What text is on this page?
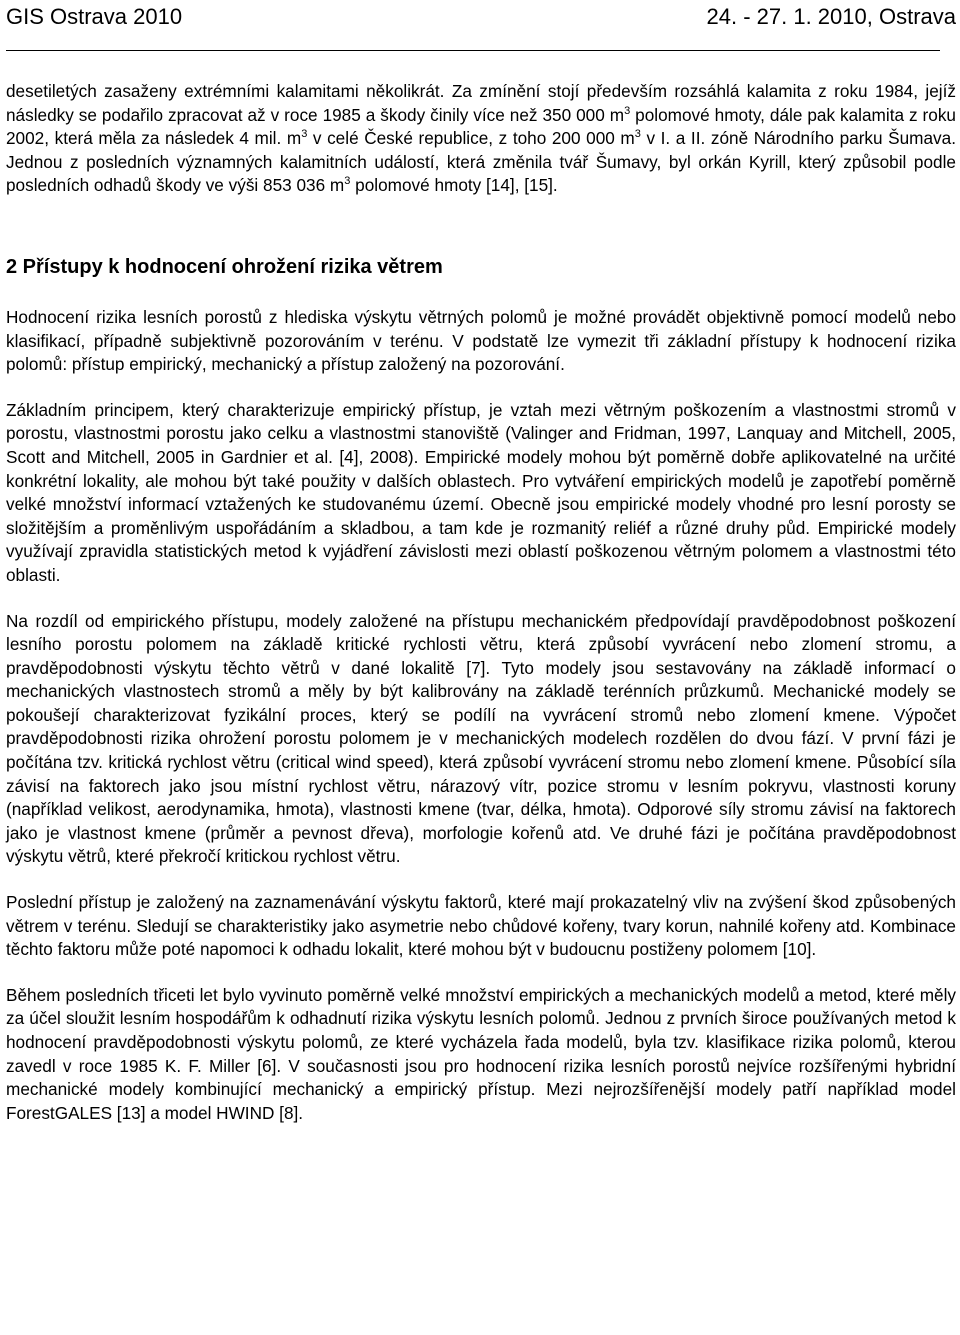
GIS Ostrava 2010	24. - 27. 1. 2010, Ostrava

desetiletých zasaženy extrémními kalamitami několikrát. Za zmínění stojí především rozsáhlá kalamita z roku 1984, jejíž následky se podařilo zpracovat až v roce 1985 a škody činily více než 350 000 $m^3$ polomové hmoty, dále pak kalamita z roku 2002, která měla za následek 4 mil. $m^3$ v celé České republice, z toho 200 000 $m^3$ v I. a II. zóně Národního parku Šumava. Jednou z posledních významných kalamitních událostí, která změnila tvář Šumavy, byl orkán Kyrill, který způsobil podle posledních odhadů škody ve výši 853 036 $m^3$ polomové hmoty [14], [15].

2 Přístupy k hodnocení ohrožení rizika větrem

Hodnocení rizika lesních porostů z hlediska výskytu větrných polomů je možné provádět objektivně pomocí modelů nebo klasifikací, případně subjektivně pozorováním v terénu. V podstatě lze vymezit tři základní přístupy k hodnocení rizika polomů: přístup empirický, mechanický a přístup založený na pozorování.

Základním principem, který charakterizuje empirický přístup, je vztah mezi větrným poškozením a vlastnostmi stromů v porostu, vlastnostmi porostu jako celku a vlastnostmi stanoviště (Valinger and Fridman, 1997, Lanquay and Mitchell, 2005, Scott and Mitchell, 2005 in Gardnier et al. [4], 2008). Empirické modely mohou být poměrně dobře aplikovatelné na určité konkrétní lokality, ale mohou být také použity v dalších oblastech. Pro vytváření empirických modelů je zapotřebí poměrně velké množství informací vztažených ke studovanému území. Obecně jsou empirické modely vhodné pro lesní porosty se složitějším a proměnlivým uspořádáním a skladbou, a tam kde je rozmanitý reliéf a různé druhy půd. Empirické modely využívají zpravidla statistických metod k vyjádření závislosti mezi oblastí poškozenou větrným polomem a vlastnostmi této oblasti.

Na rozdíl od empirického přístupu, modely založené na přístupu mechanickém předpovídají pravděpodobnost poškození lesního porostu polomem na základě kritické rychlosti větru, která způsobí vyvrácení nebo zlomení stromu, a pravděpodobnosti výskytu těchto větrů v dané lokalitě [7]. Tyto modely jsou sestavovány na základě informací o mechanických vlastnostech stromů a měly by být kalibrovány na základě terénních průzkumů. Mechanické modely se pokoušejí charakterizovat fyzikální proces, který se podílí na vyvrácení stromů nebo zlomení kmene. Výpočet pravděpodobnosti rizika ohrožení porostu polomem je v mechanických modelech rozdělen do dvou fází. V první fázi je počítána tzv. kritická rychlost větru (critical wind speed), která způsobí vyvrácení stromu nebo zlomení kmene. Působící síla závisí na faktorech jako jsou místní rychlost větru, nárazový vítr, pozice stromu v lesním pokryvu, vlastnosti koruny (například velikost, aerodynamika, hmota), vlastnosti kmene (tvar, délka, hmota). Odporové síly stromu závisí na faktorech jako je vlastnost kmene (průměr a pevnost dřeva), morfologie kořenů atd. Ve druhé fázi je počítána pravděpodobnost výskytu větrů, které překročí kritickou rychlost větru.

Poslední přístup je založený na zaznamenávání výskytu faktorů, které mají prokazatelný vliv na zvýšení škod způsobených větrem v terénu. Sledují se charakteristiky jako asymetrie nebo chůdové kořeny, tvary korun, nahnilé kořeny atd. Kombinace těchto faktoru může poté napomoci k odhadu lokalit, které mohou být v budoucnu postiženy polomem [10].

Během posledních třiceti let bylo vyvinuto poměrně velké množství empirických a mechanických modelů a metod, které měly za účel sloužit lesním hospodářům k odhadnutí rizika výskytu lesních polomů. Jednou z prvních široce používaných metod k hodnocení pravděpodobnosti výskytu polomů, ze které vycházela řada modelů, byla tzv. klasifikace rizika polomů, kterou zavedl v roce 1985 K. F. Miller [6]. V současnosti jsou pro hodnocení rizika lesních porostů nejvíce rozšířenými hybridní mechanické modely kombinující mechanický a empirický přístup. Mezi nejrozšířenější modely patří například model ForestGALES [13] a model HWIND [8].
